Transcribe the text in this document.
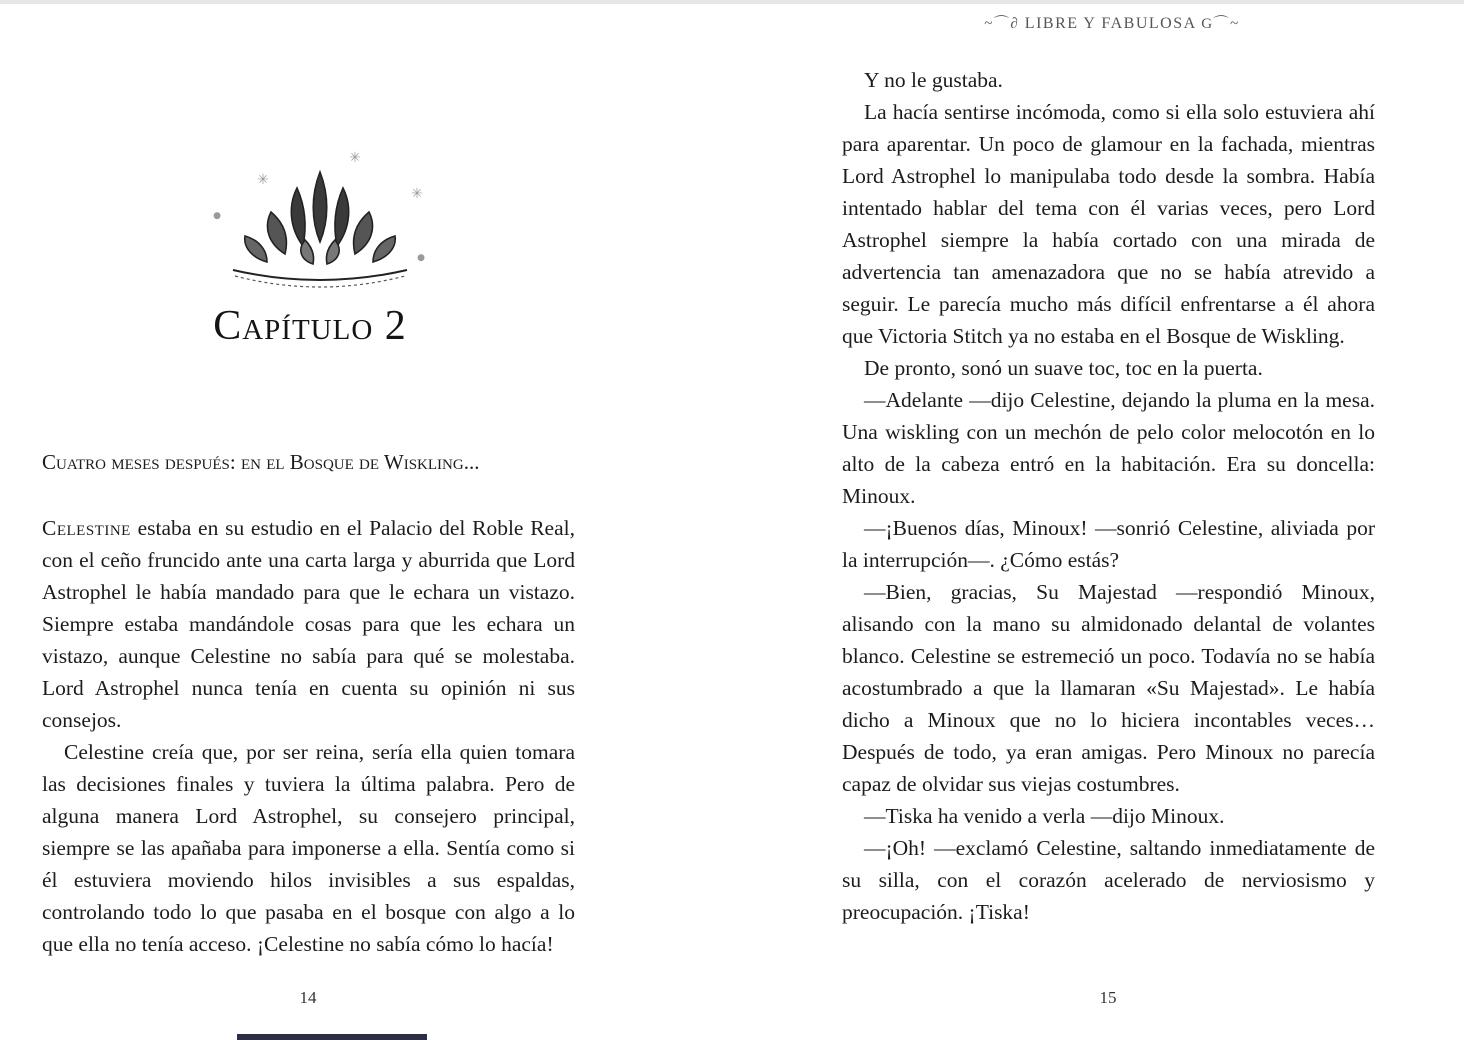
✳
✳
✳
●
●
Capítulo 2
Cuatro meses después: en el Bosque de Wiskling...

Celestine estaba en su estudio en el Palacio del Roble Real, con el ceño fruncido ante una carta larga y aburrida que Lord Astrophel le había mandado para que le echara un vistazo. Siempre estaba mandándole cosas para que les echara un vistazo, aunque Celestine no sabía para qué se molestaba. Lord Astrophel nunca tenía en cuenta su opinión ni sus consejos.

Celestine creía que, por ser reina, sería ella quien tomara las decisiones finales y tuviera la última palabra. Pero de alguna manera Lord Astrophel, su consejero principal, siempre se las apañaba para imponerse a ella. Sentía como si él estuviera moviendo hilos invisibles a sus espaldas, controlando todo lo que pasaba en el bosque con algo a lo que ella no tenía acceso. ¡Celestine no sabía cómo lo hacía!

14
~⌒∂ LIBRE Y FABULOSA G⌒~

Y no le gustaba.

La hacía sentirse incómoda, como si ella solo estuviera ahí para aparentar. Un poco de glamour en la fachada, mientras Lord Astrophel lo manipulaba todo desde la sombra. Había intentado hablar del tema con él varias veces, pero Lord Astrophel siempre la había cortado con una mirada de advertencia tan amenazadora que no se había atrevido a seguir. Le parecía mucho más difícil enfrentarse a él ahora que Victoria Stitch ya no estaba en el Bosque de Wiskling.

De pronto, sonó un suave toc, toc en la puerta.

—Adelante —dijo Celestine, dejando la pluma en la mesa. Una wiskling con un mechón de pelo color melocotón en lo alto de la cabeza entró en la habitación. Era su doncella: Minoux.

—¡Buenos días, Minoux! —sonrió Celestine, aliviada por la interrupción—. ¿Cómo estás?

—Bien, gracias, Su Majestad —respondió Minoux, alisando con la mano su almidonado delantal de volantes blanco. Celestine se estremeció un poco. Todavía no se había acostumbrado a que la llamaran «Su Majestad». Le había dicho a Minoux que no lo hiciera incontables veces… Después de todo, ya eran amigas. Pero Minoux no parecía capaz de olvidar sus viejas costumbres.

—Tiska ha venido a verla —dijo Minoux.

—¡Oh! —exclamó Celestine, saltando inmediatamente de su silla, con el corazón acelerado de nerviosismo y preocupación. ¡Tiska!

15
